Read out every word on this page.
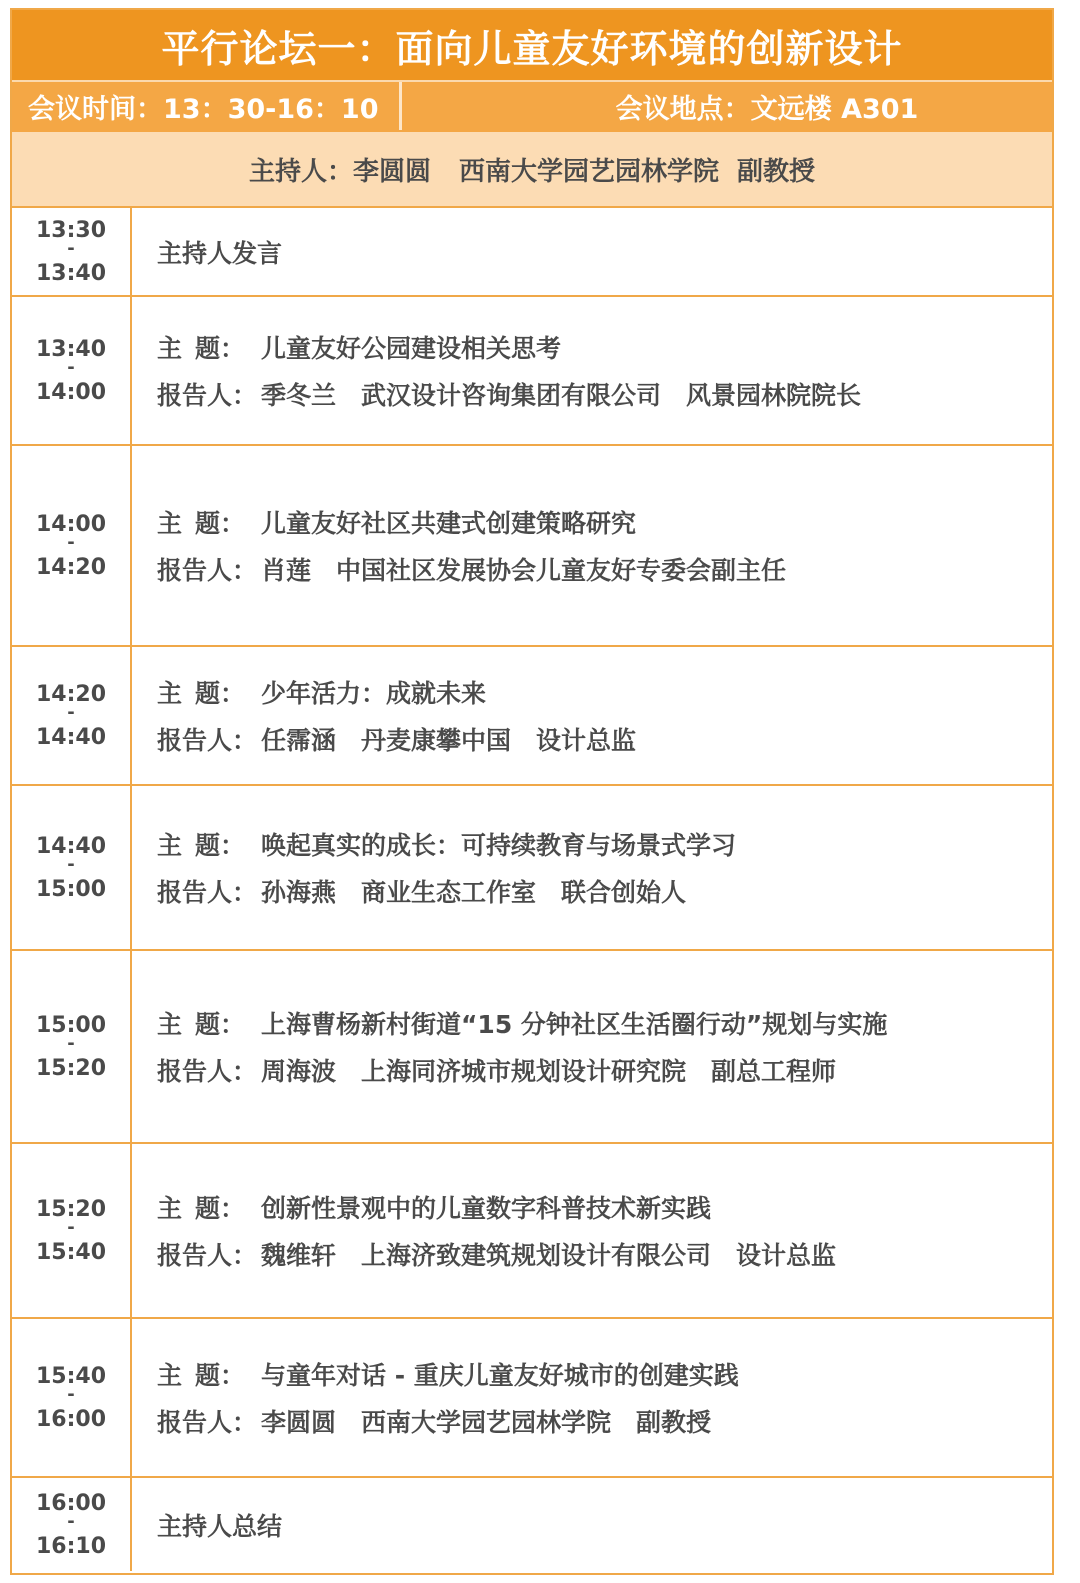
平行论坛一：面向儿童友好环境的创新设计
会议时间：13：30-16：10	会议地点：文远楼 A301
主持人： 李圆圆 西南大学园艺园林学院 副教授
13:30
-
13:40
主持人发言
13:40
-
14:00
主 题： 儿童友好公园建设相关思考
报告人： 季冬兰　武汉设计咨询集团有限公司　风景园林院院长
14:00
-
14:20
主 题： 儿童友好社区共建式创建策略研究
报告人： 肖莲　中国社区发展协会儿童友好专委会副主任
14:20
-
14:40
主 题： 少年活力：成就未来
报告人： 任霈涵　丹麦康攀中国　设计总监
14:40
-
15:00
主 题： 唤起真实的成长：可持续教育与场景式学习
报告人： 孙海燕　商业生态工作室　联合创始人
15:00
-
15:20
主 题： 上海曹杨新村街道“15 分钟社区生活圈行动”规划与实施
报告人： 周海波　上海同济城市规划设计研究院　副总工程师
15:20
-
15:40
主 题： 创新性景观中的儿童数字科普技术新实践
报告人： 魏维轩　上海济致建筑规划设计有限公司　设计总监
15:40
-
16:00
主 题： 与童年对话 - 重庆儿童友好城市的创建实践
报告人： 李圆圆　西南大学园艺园林学院　副教授
16:00
-
16:10
主持人总结
